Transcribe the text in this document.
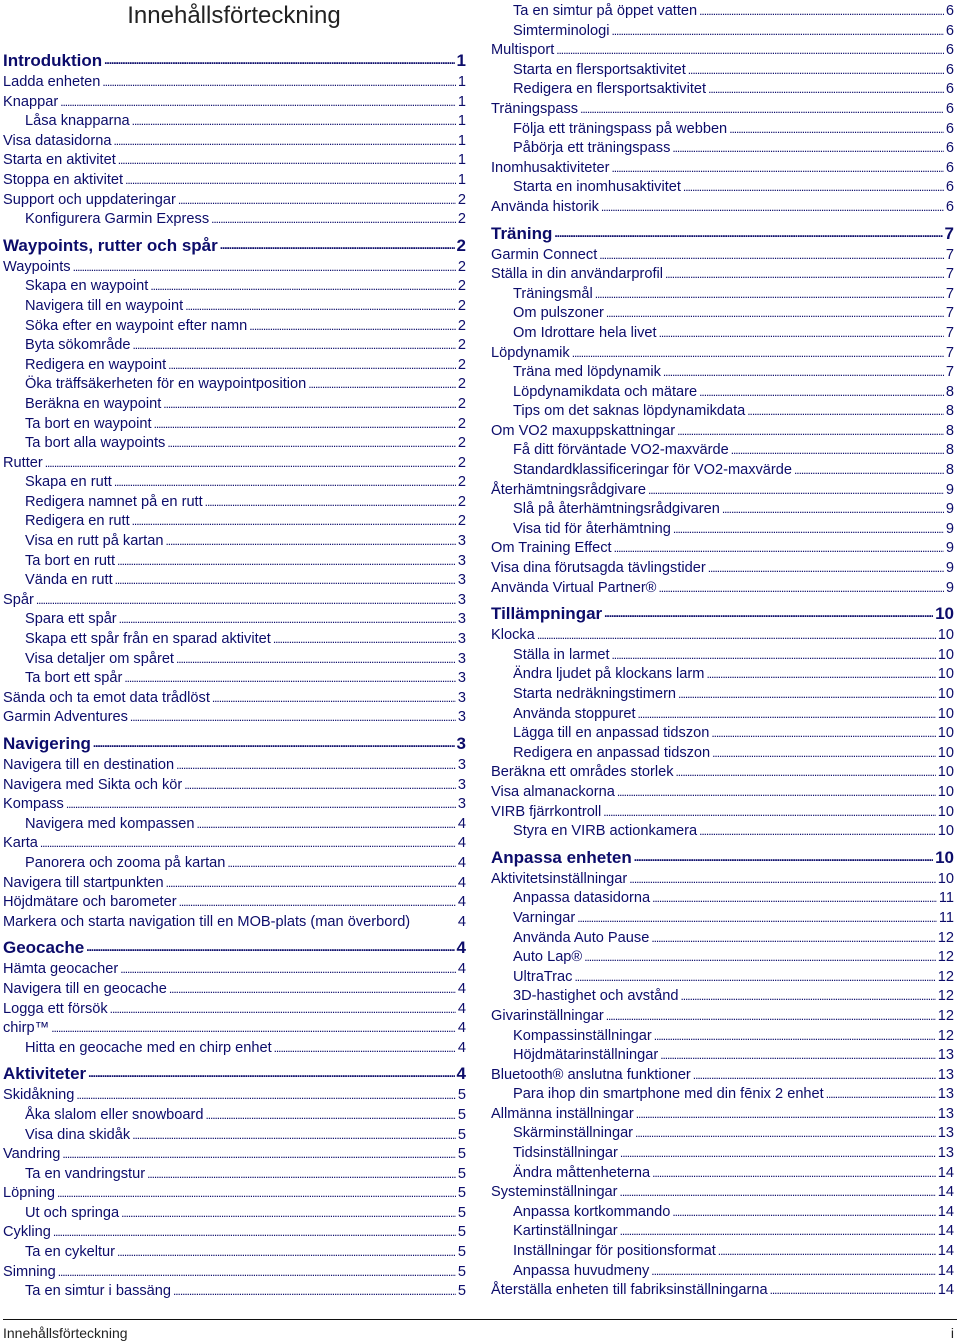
Innehållsförteckning
Introduktion . . .	1
Ladda enheten . . .	1
Knappar . . .	1
Låsa knapparna . . .	1
Visa datasidorna . . .	1
Starta en aktivitet . . .	1
Stoppa en aktivitet . . .	1
Support och uppdateringar . . .	2
Konfigurera Garmin Express . . .	2
Waypoints, rutter och spår . . .	2
Waypoints . . .	2
Skapa en waypoint . . .	2
Navigera till en waypoint . . .	2
Söka efter en waypoint efter namn . . .	2
Byta sökområde . . .	2
Redigera en waypoint . . .	2
Öka träffsäkerheten för en waypointposition . . .	2
Beräkna en waypoint . . .	2
Ta bort en waypoint . . .	2
Ta bort alla waypoints . . .	2
Rutter . . .	2
Skapa en rutt . . .	2
Redigera namnet på en rutt . . .	2
Redigera en rutt . . .	2
Visa en rutt på kartan . . .	3
Ta bort en rutt . . .	3
Vända en rutt . . .	3
Spår . . .	3
Spara ett spår . . .	3
Skapa ett spår från en sparad aktivitet . . .	3
Visa detaljer om spåret . . .	3
Ta bort ett spår . . .	3
Sända och ta emot data trådlöst . . .	3
Garmin Adventures . . .	3
Navigering . . .	3
Navigera till en destination . . .	3
Navigera med Sikta och kör . . .	3
Kompass . . .	3
Navigera med kompassen . . .	4
Karta . . .	4
Panorera och zooma på kartan . . .	4
Navigera till startpunkten . . .	4
Höjdmätare och barometer . . .	4
Markera och starta navigation till en MOB-plats (man överbord)	4
Geocache . . .	4
Hämta geocacher . . .	4
Navigera till en geocache . . .	4
Logga ett försök . . .	4
chirp™ . . .	4
Hitta en geocache med en chirp enhet . . .	4
Aktiviteter . . .	4
Skidåkning . . .	5
Åka slalom eller snowboard . . .	5
Visa dina skidåk . . .	5
Vandring . . .	5
Ta en vandringstur . . .	5
Löpning . . .	5
Ut och springa . . .	5
Cykling . . .	5
Ta en cykeltur . . .	5
Simning . . .	5
Ta en simtur i bassäng . . .	5
Ta en simtur på öppet vatten . . .	6
Simterminologi . . .	6
Multisport . . .	6
Starta en flersportsaktivitet . . .	6
Redigera en flersportsaktivitet . . .	6
Träningspass . . .	6
Följa ett träningspass på webben . . .	6
Påbörja ett träningspass . . .	6
Inomhusaktiviteter . . .	6
Starta en inomhusaktivitet . . .	6
Använda historik . . .	6
Träning . . .	7
Garmin Connect . . .	7
Ställa in din användarprofil . . .	7
Träningsmål . . .	7
Om pulszoner . . .	7
Om Idrottare hela livet . . .	7
Löpdynamik . . .	7
Träna med löpdynamik . . .	7
Löpdynamikdata och mätare . . .	8
Tips om det saknas löpdynamikdata . . .	8
Om VO2 maxuppskattningar . . .	8
Få ditt förväntade VO2-maxvärde . . .	8
Standardklassificeringar för VO2-maxvärde . . .	8
Återhämtningsrådgivare . . .	9
Slå på återhämtningsrådgivaren . . .	9
Visa tid för återhämtning . . .	9
Om Training Effect . . .	9
Visa dina förutsagda tävlingstider . . .	9
Använda Virtual Partner® . . .	9
Tillämpningar . . .	10
Klocka . . .	10
Ställa in larmet . . .	10
Ändra ljudet på klockans larm . . .	10
Starta nedräkningstimern . . .	10
Använda stoppuret . . .	10
Lägga till en anpassad tidszon . . .	10
Redigera en anpassad tidszon . . .	10
Beräkna ett områdes storlek . . .	10
Visa almanackorna . . .	10
VIRB fjärrkontroll . . .	10
Styra en VIRB actionkamera . . .	10
Anpassa enheten . . .	10
Aktivitetsinställningar . . .	10
Anpassa datasidorna . . .	11
Varningar . . .	11
Använda Auto Pause . . .	12
Auto Lap® . . .	12
UltraTrac . . .	12
3D-hastighet och avstånd . . .	12
Givarinställningar . . .	12
Kompassinställningar . . .	12
Höjdmätarinställningar . . .	13
Bluetooth® anslutna funktioner . . .	13
Para ihop din smartphone med din fēnix 2 enhet . . .	13
Allmänna inställningar . . .	13
Skärminställningar . . .	13
Tidsinställningar . . .	13
Ändra måttenheterna . . .	14
Systeminställningar . . .	14
Anpassa kortkommando . . .	14
Kartinställningar . . .	14
Inställningar för positionsformat . . .	14
Anpassa huvudmeny . . .	14
Återställa enheten till fabriksinställningarna . . .	14
Innehållsförteckning	i
